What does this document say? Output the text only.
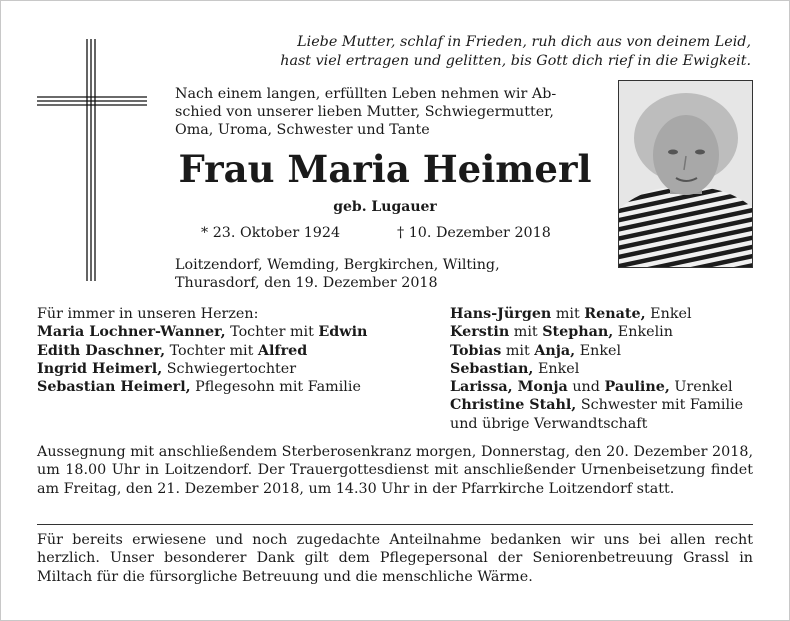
Liebe Mutter, schlaf in Frieden, ruh dich aus von deinem Leid,
hast viel ertragen und gelitten, bis Gott dich rief in die Ewigkeit.
Nach einem langen, erfüllten Leben nehmen wir Ab-
schied von unserer lieben Mutter, Schwiegermutter,
Oma, Uroma, Schwester und Tante
Frau Maria Heimerl
geb. Lugauer
* 23. Oktober 1924	† 10. Dezember 2018
Loitzendorf, Wemding, Bergkirchen, Wilting,
Thurasdorf, den 19. Dezember 2018
Für immer in unseren Herzen:
Maria Lochner-Wanner, Tochter mit Edwin
Edith Daschner, Tochter mit Alfred
Ingrid Heimerl, Schwiegertochter
Sebastian Heimerl, Pflegesohn mit Familie
Hans-Jürgen mit Renate, Enkel
Kerstin mit Stephan, Enkelin
Tobias mit Anja, Enkel
Sebastian, Enkel
Larissa, Monja und Pauline, Urenkel
Christine Stahl, Schwester mit Familie
und übrige Verwandtschaft
Aussegnung mit anschließendem Sterberosenkranz morgen, Donnerstag, den 20. Dezember 2018, um 18.00 Uhr in Loitzendorf. Der Trauergottesdienst mit anschließender Urnenbeisetzung findet am Freitag, den 21. Dezember 2018, um 14.30 Uhr in der Pfarrkirche Loitzendorf statt.
Für bereits erwiesene und noch zugedachte Anteilnahme bedanken wir uns bei allen recht herzlich. Unser besonderer Dank gilt dem Pflegepersonal der Seniorenbetreuung Grassl in Miltach für die fürsorgliche Betreuung und die menschliche Wärme.
